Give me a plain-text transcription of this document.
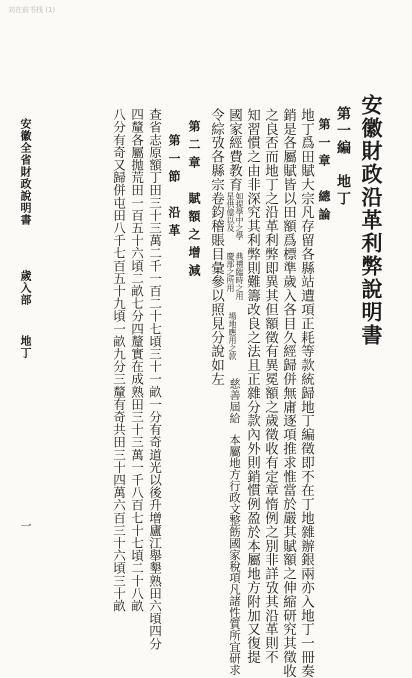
刘在前书栈 (1)
安徽財政沿革利弊說明書
第一編　地丁
第一章　總論
地丁爲田賦大宗凡存留各縣站遭項正耗等款統歸地丁編徵即不在丁地雜辦銀兩亦入地丁一冊奏
銷是各屬賦皆以田額爲標準歲入各目久經歸併無庸逐項推求惟當於嚴其賦額之伸縮研究其徵收
之良否而地丁之沿革利弊即異其但額徵有異冕額之歲徵收有定章惰例之別非詳攷其沿革則不
知習慣之由非深究其利弊則難籌改良之法且正雜分款內外則銷慣例盈於本屬地方附加又復提
國家經費教育
如提學中之學
星供億以及
典禮臨時之用
慶部之所用
場地應用之款
慈善屆給
本屬地方行政文整飭國家稅項凡諸性質所宜研求
令綜攷各縣宗卷鈞稽賬目彙參以照見分說如左
第二章　賦額之增減
第一節　沿革
查省志原額丁田三十三萬二千一百二十七頃三十一畝一分有奇道光以後升增廬江舉墾熟田六頃四分
四釐各屬拋荒田一百五十六頃二畝七分四釐實在成熟田三十三萬一千八百七十七頃二十八畝
八分有奇又歸併屯田八千七百五十九頃一畝九分三釐有奇共田三十四萬六百三十六頃三十畝
安徽全省財政說明書
歲入部
地丁
一
